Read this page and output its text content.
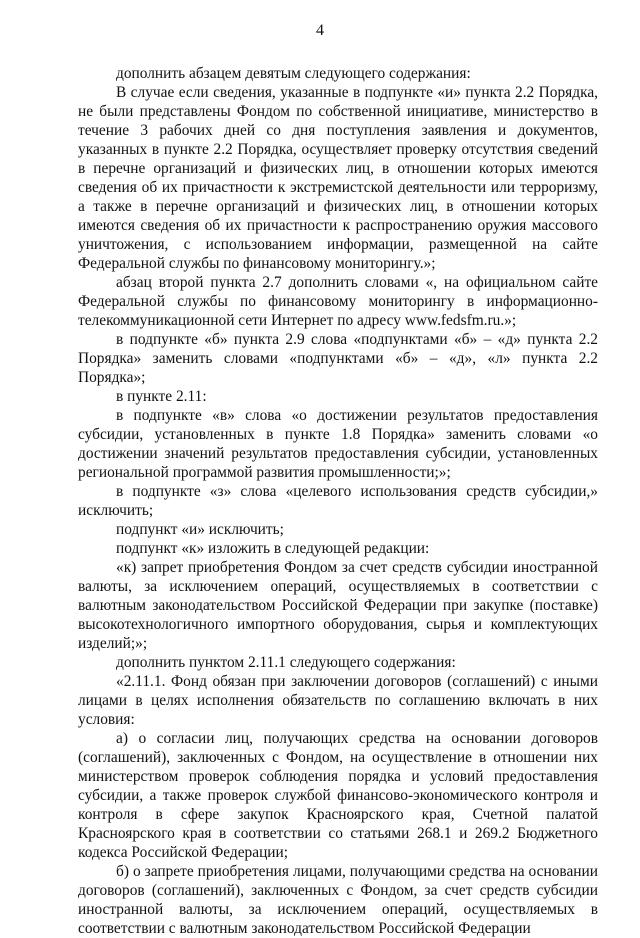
4

дополнить абзацем девятым следующего содержания:

В случае если сведения, указанные в подпункте «и» пункта 2.2 Порядка, не были представлены Фондом по собственной инициативе, министерство в течение 3 рабочих дней со дня поступления заявления и документов, указанных в пункте 2.2 Порядка, осуществляет проверку отсутствия сведений в перечне организаций и физических лиц, в отношении которых имеются сведения об их причастности к экстремистской деятельности или терроризму, а также в перечне организаций и физических лиц, в отношении которых имеются сведения об их причастности к распространению оружия массового уничтожения, с использованием информации, размещенной на сайте Федеральной службы по финансовому мониторингу.»;

абзац второй пункта 2.7 дополнить словами «, на официальном сайте Федеральной службы по финансовому мониторингу в информационно-телекоммуникационной сети Интернет по адресу www.fedsfm.ru.»;

в подпункте «б» пункта 2.9 слова «подпунктами «б» – «д» пункта 2.2 Порядка» заменить словами «подпунктами «б» – «д», «л» пункта 2.2 Порядка»;

в пункте 2.11:

в подпункте «в» слова «о достижении результатов предоставления субсидии, установленных в пункте 1.8 Порядка» заменить словами «о достижении значений результатов предоставления субсидии, установленных региональной программой развития промышленности;»;

в подпункте «з» слова «целевого использования средств субсидии,» исключить;

подпункт «и» исключить;

подпункт «к» изложить в следующей редакции:

«к) запрет приобретения Фондом за счет средств субсидии иностранной валюты, за исключением операций, осуществляемых в соответствии с валютным законодательством Российской Федерации при закупке (поставке) высокотехнологичного импортного оборудования, сырья и комплектующих изделий;»;

дополнить пунктом 2.11.1 следующего содержания:

«2.11.1. Фонд обязан при заключении договоров (соглашений) с иными лицами в целях исполнения обязательств по соглашению включать в них условия:

а) о согласии лиц, получающих средства на основании договоров (соглашений), заключенных с Фондом, на осуществление в отношении них министерством проверок соблюдения порядка и условий предоставления субсидии, а также проверок службой финансово-экономического контроля и контроля в сфере закупок Красноярского края, Счетной палатой Красноярского края в соответствии со статьями 268.1 и 269.2 Бюджетного кодекса Российской Федерации;

б) о запрете приобретения лицами, получающими средства на основании договоров (соглашений), заключенных с Фондом, за счет средств субсидии иностранной валюты, за исключением операций, осуществляемых в соответствии с валютным законодательством Российской Федерации
